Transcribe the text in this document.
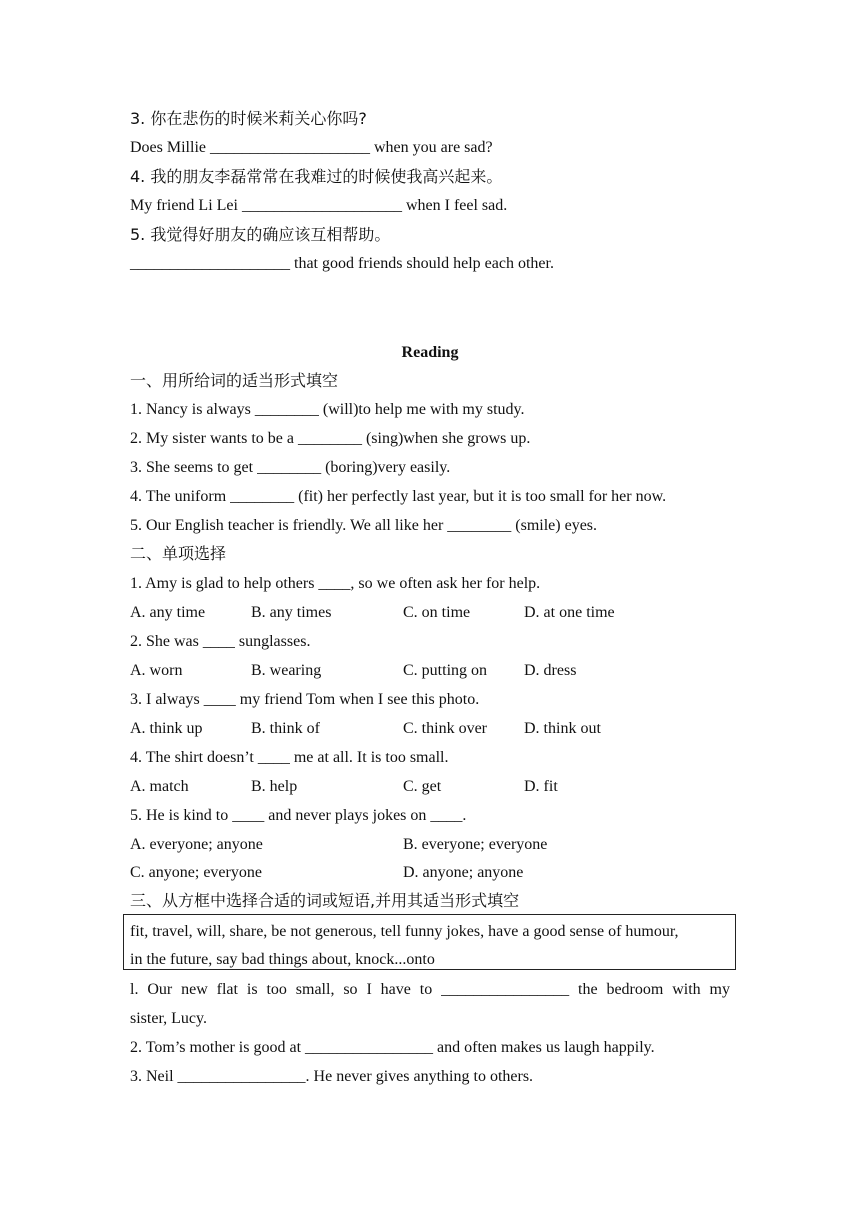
3. 你在悲伤的时候米莉关心你吗?
Does Millie ____________________ when you are sad?
4. 我的朋友李磊常常在我难过的时候使我高兴起来。
My friend Li Lei ____________________ when I feel sad.
5. 我觉得好朋友的确应该互相帮助。
____________________ that good friends should help each other.
Reading
一、用所给词的适当形式填空
1. Nancy is always ________ (will)to help me with my study.
2. My sister wants to be a ________ (sing)when she grows up.
3. She seems to get ________ (boring)very easily.
4. The uniform ________ (fit) her perfectly last year, but it is too small for her now.
5. Our English teacher is friendly. We all like her ________ (smile) eyes.
二、单项选择
1. Amy is glad to help others ____, so we often ask her for help.
A. any time	B. any times	C. on time	D. at one time
2. She was ____ sunglasses.
A. worn	B. wearing	C. putting on D. dress
3. I always ____ my friend Tom when I see this photo.
A. think up	B. think of	C. think over D. think out
4. The shirt doesn’t ____ me at all. It is too small.
A. match	B. help	C. get	D. fit
5. He is kind to ____ and never plays jokes on ____.
A. everyone; anyone	B. everyone; everyone
C. anyone; everyone	D. anyone; anyone
三、从方框中选择合适的词或短语,并用其适当形式填空
fit, travel, will, share, be not generous, tell funny jokes, have a good sense of humour,
in the future, say bad things about, knock...onto
l. Our new flat is too small, so I have to ________________ the bedroom with my
sister, Lucy.
2. Tom’s mother is good at ________________ and often makes us laugh happily.
3. Neil ________________. He never gives anything to others.
